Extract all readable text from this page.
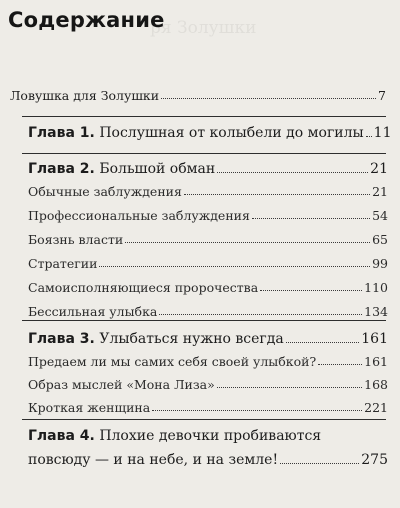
ря Золушки
Содержание
Ловушка для Золушки	7
Глава 1. Послушная от колыбели до могилы 11
Глава 2. Большой обман	21
Обычные заблуждения	21
Профессиональные заблуждения	54
Боязнь власти	65
Стратегии	99
Самоисполняющиеся пророчества	110
Бессильная улыбка	134
Глава 3. Улыбаться нужно всегда	161
Предаем ли мы самих себя своей улыбкой?	161
Образ мыслей «Мона Лиза»	168
Кроткая женщина	221
Глава 4. Плохие девочки пробиваются
повсюду — и на небе, и на земле!	275
